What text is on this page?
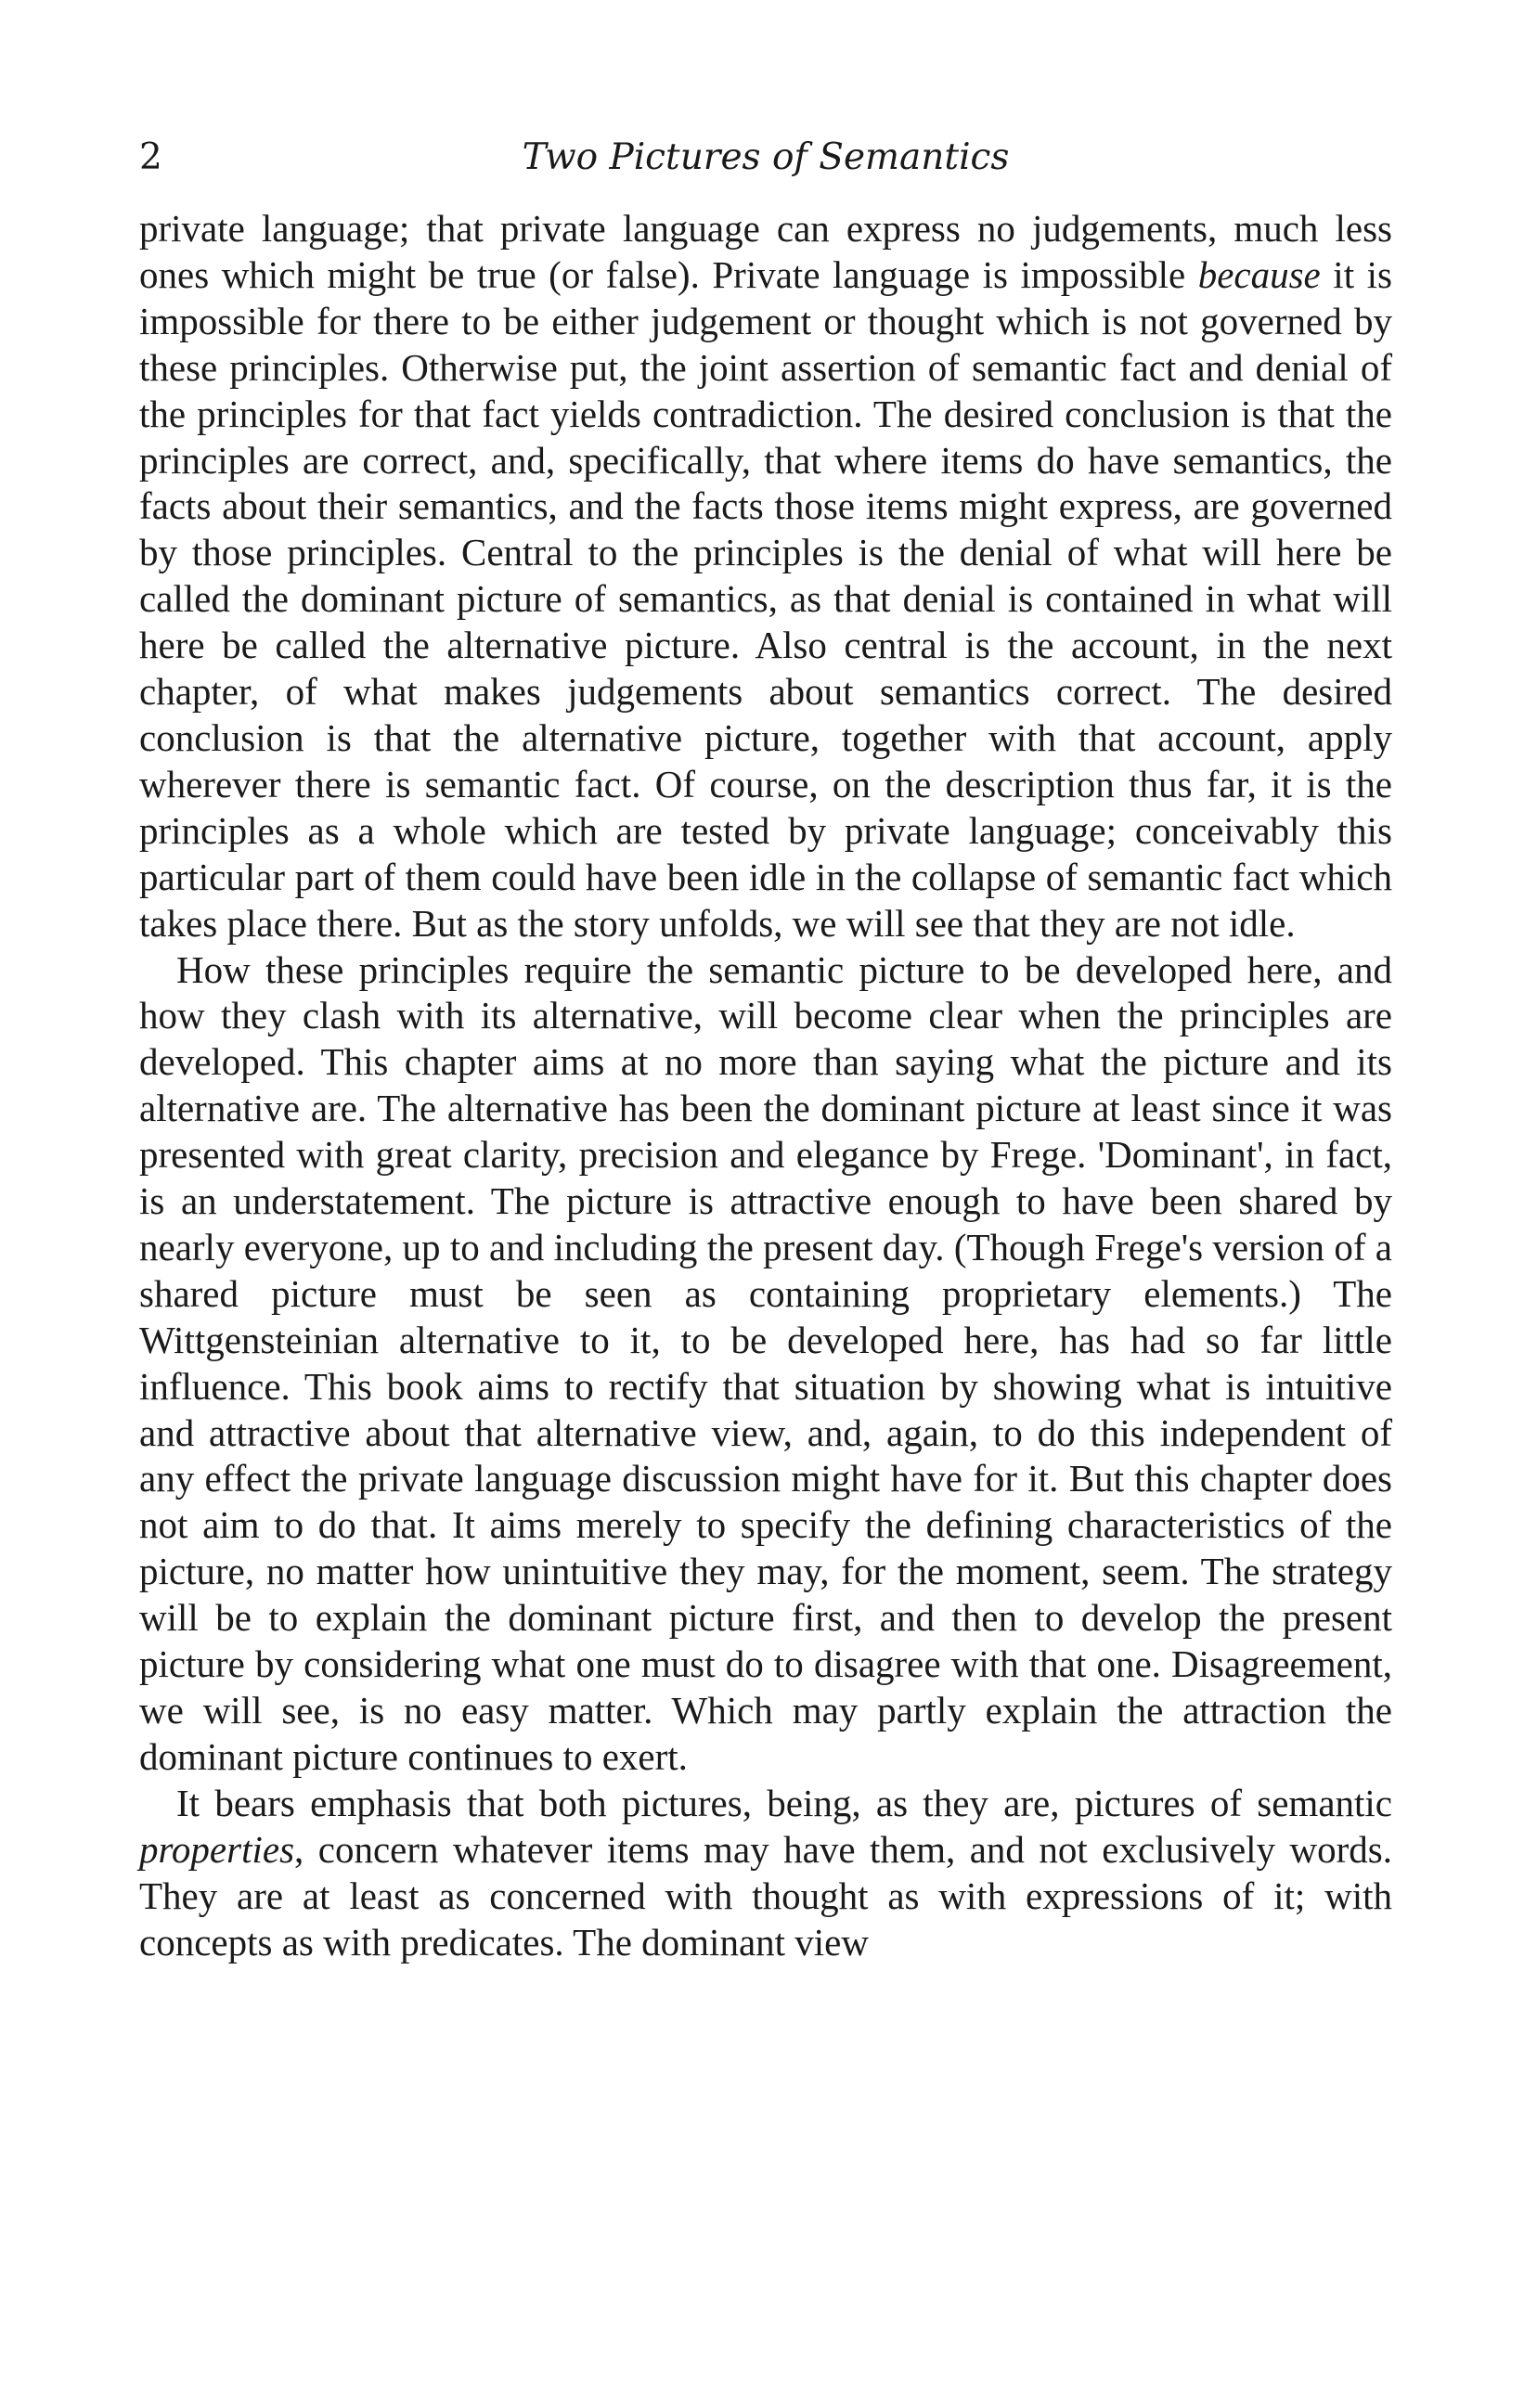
2	Two Pictures of Semantics

private language; that private language can express no judgements, much less ones which might be true (or false). Private language is impossible because it is impossible for there to be either judgement or thought which is not governed by these principles. Otherwise put, the joint assertion of semantic fact and denial of the principles for that fact yields contradiction. The desired conclusion is that the principles are correct, and, specifically, that where items do have semantics, the facts about their semantics, and the facts those items might express, are governed by those principles. Central to the principles is the denial of what will here be called the dominant picture of semantics, as that denial is contained in what will here be called the alternative picture. Also central is the account, in the next chapter, of what makes judgements about semantics correct. The desired conclusion is that the alternative picture, together with that account, apply wherever there is semantic fact. Of course, on the description thus far, it is the principles as a whole which are tested by private language; conceivably this particular part of them could have been idle in the collapse of semantic fact which takes place there. But as the story unfolds, we will see that they are not idle.

How these principles require the semantic picture to be developed here, and how they clash with its alternative, will become clear when the principles are developed. This chapter aims at no more than saying what the picture and its alternative are. The alternative has been the dominant picture at least since it was presented with great clarity, precision and elegance by Frege. 'Dominant', in fact, is an understatement. The picture is attractive enough to have been shared by nearly everyone, up to and including the present day. (Though Frege's version of a shared picture must be seen as containing proprietary elements.) The Wittgensteinian alternative to it, to be developed here, has had so far little influence. This book aims to rectify that situation by showing what is intuitive and attractive about that alternative view, and, again, to do this independent of any effect the private language discussion might have for it. But this chapter does not aim to do that. It aims merely to specify the defining characteristics of the picture, no matter how unintuitive they may, for the moment, seem. The strategy will be to explain the dominant picture first, and then to develop the present picture by considering what one must do to disagree with that one. Disagreement, we will see, is no easy matter. Which may partly explain the attraction the dominant picture continues to exert.

It bears emphasis that both pictures, being, as they are, pictures of semantic properties, concern whatever items may have them, and not exclusively words. They are at least as concerned with thought as with expressions of it; with concepts as with predicates. The dominant view
